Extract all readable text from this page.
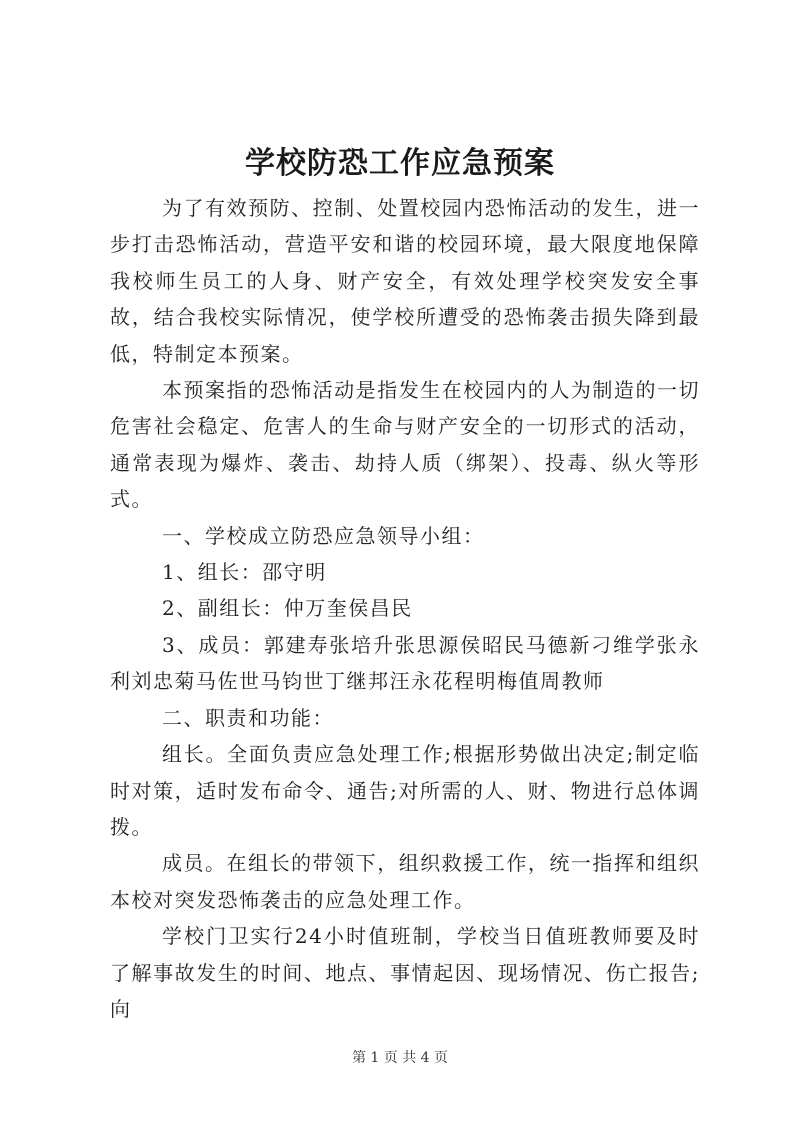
学校防恐工作应急预案

为了有效预防、控制、处置校园内恐怖活动的发生，进一步打击恐怖活动，营造平安和谐的校园环境，最大限度地保障我校师生员工的人身、财产安全，有效处理学校突发安全事故，结合我校实际情况，使学校所遭受的恐怖袭击损失降到最低，特制定本预案。

本预案指的恐怖活动是指发生在校园内的人为制造的一切危害社会稳定、危害人的生命与财产安全的一切形式的活动，通常表现为爆炸、袭击、劫持人质（绑架）、投毒、纵火等形式。

一、学校成立防恐应急领导小组：

1、组长：邵守明

2、副组长：仲万奎侯昌民

3、成员：郭建寿张培升张思源侯昭民马德新刁维学张永利刘忠菊马佐世马钧世丁继邦汪永花程明梅值周教师

二、职责和功能：

组长。全面负责应急处理工作;根据形势做出决定;制定临时对策，适时发布命令、通告;对所需的人、财、物进行总体调拨。

成员。在组长的带领下，组织救援工作，统一指挥和组织本校对突发恐怖袭击的应急处理工作。

学校门卫实行24小时值班制，学校当日值班教师要及时了解事故发生的时间、地点、事情起因、现场情况、伤亡报告;向

第 1 页 共 4 页
